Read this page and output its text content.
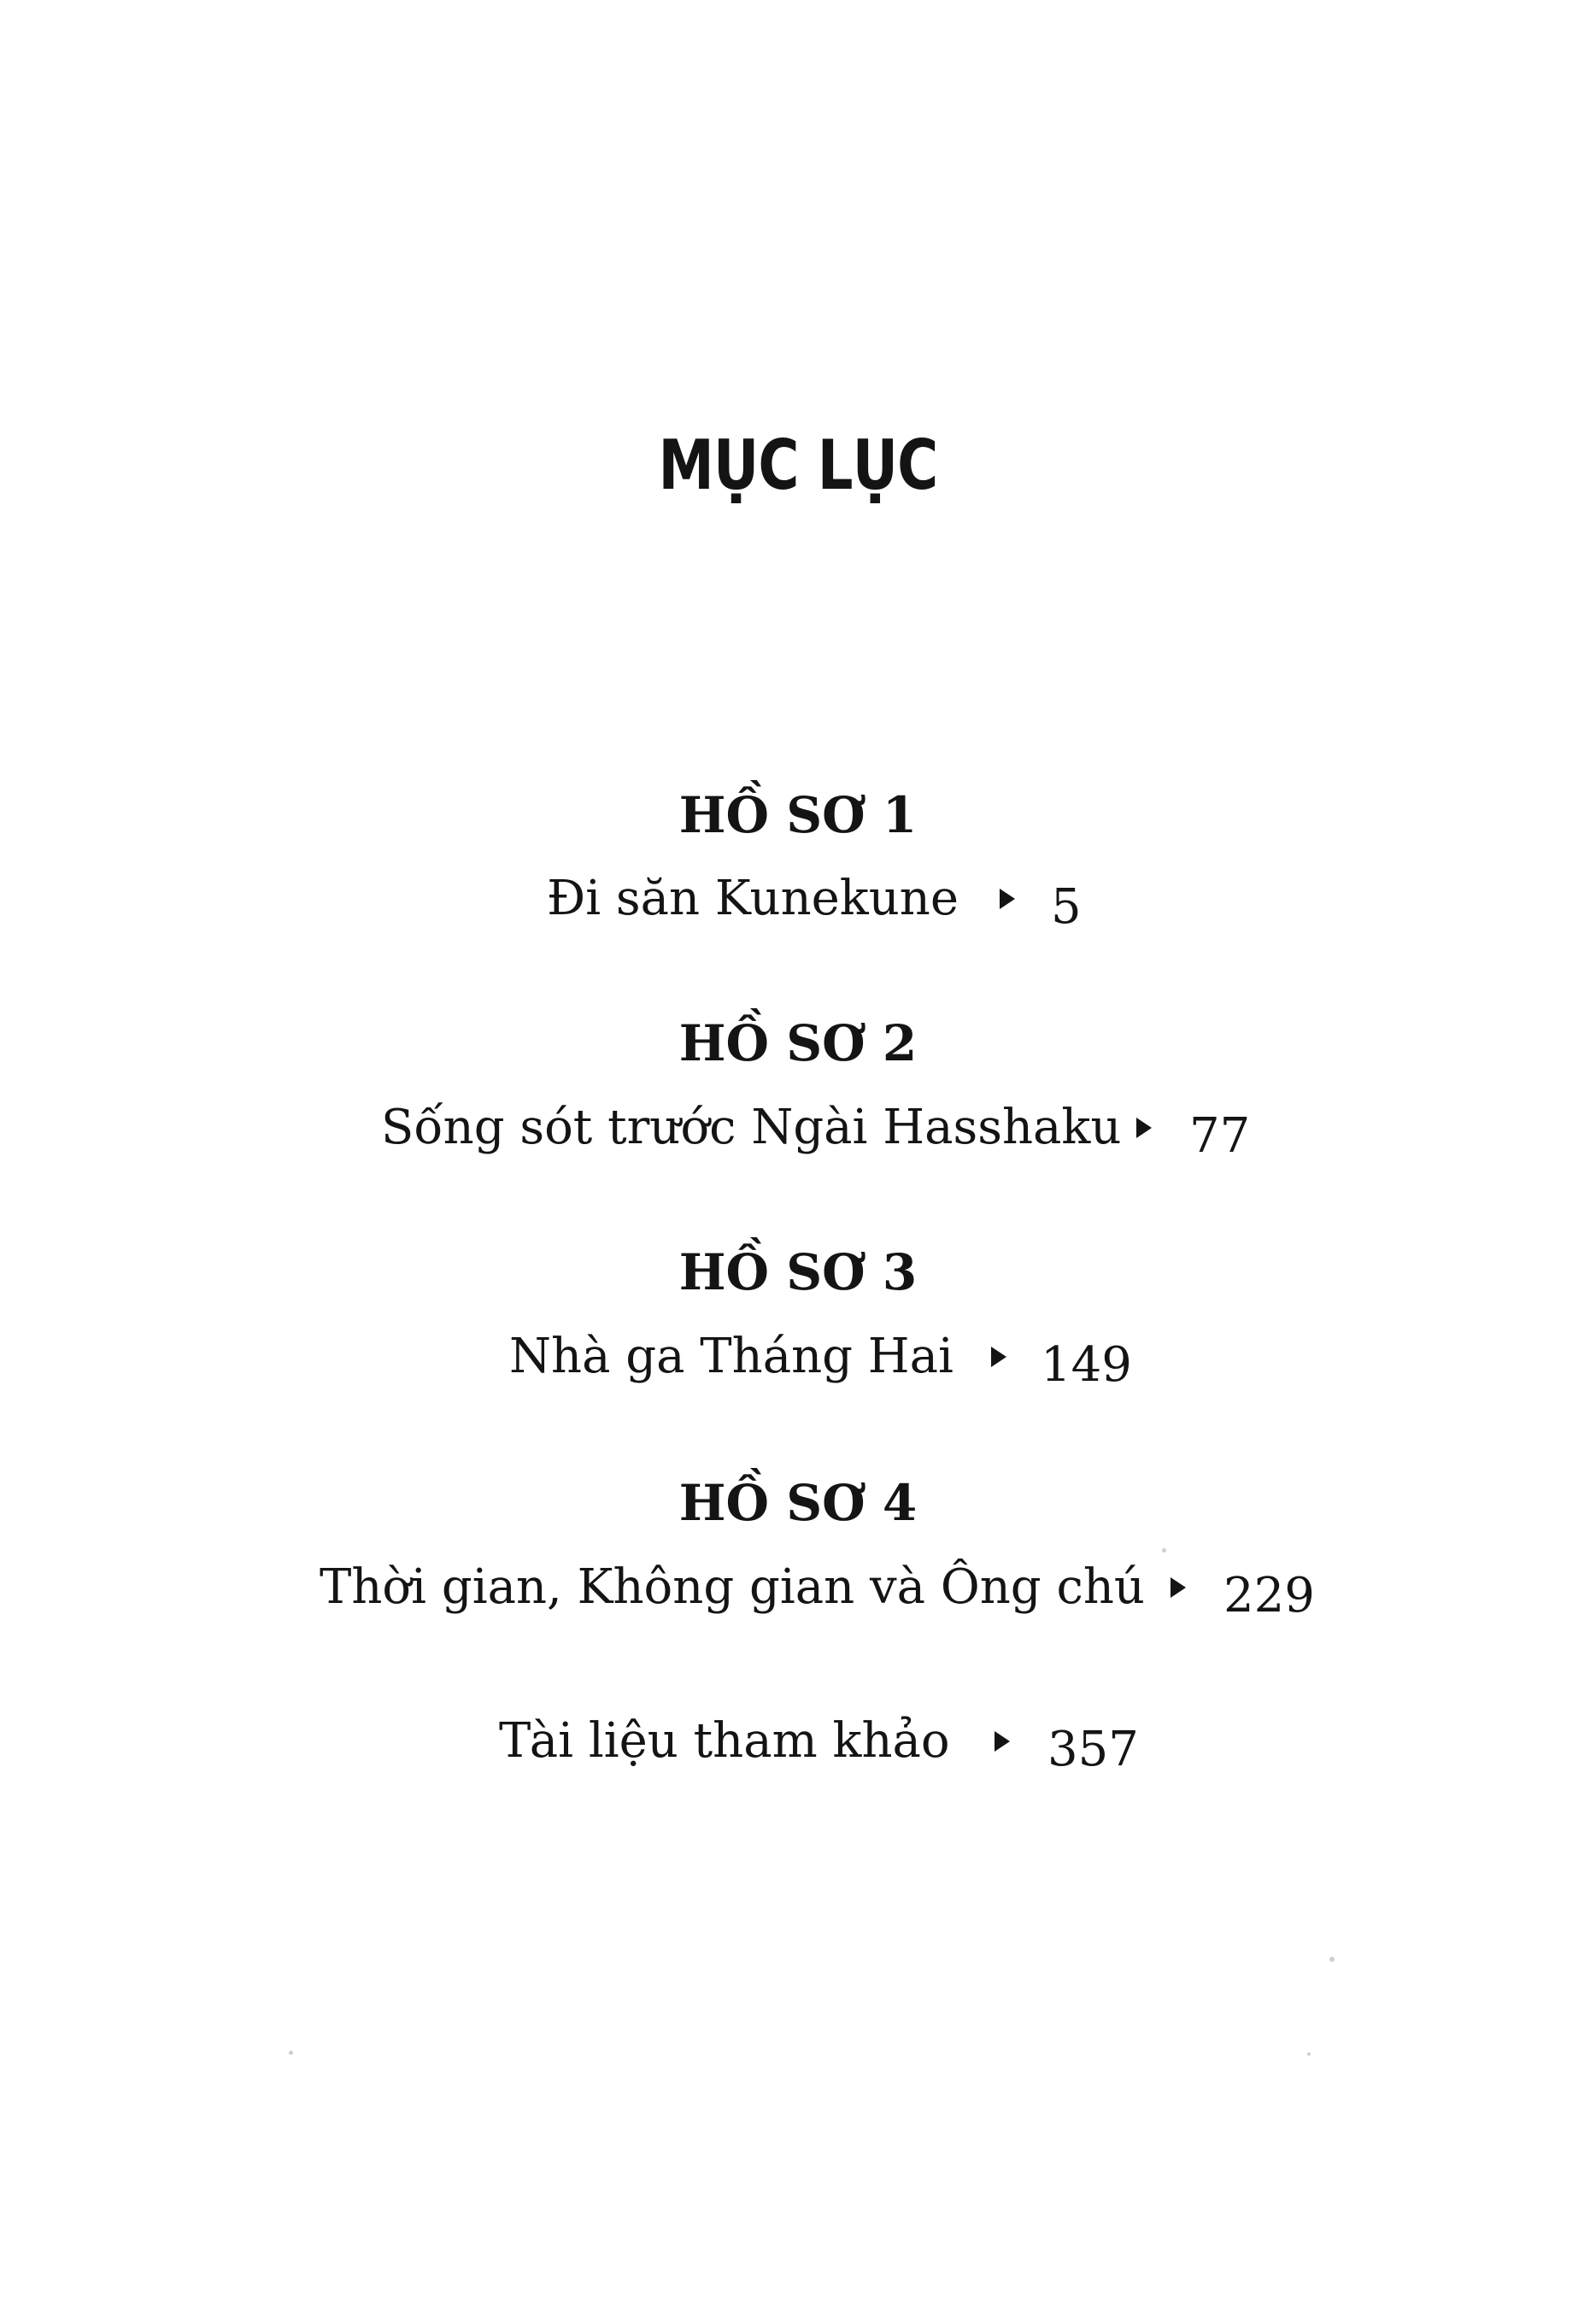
MỤC LỤC
HỒ SƠ 1
Đi săn Kunekune 5
HỒ SƠ 2
Sống sót trước Ngài Hasshaku 77
HỒ SƠ 3
Nhà ga Tháng Hai 149
HỒ SƠ 4
Thời gian, Không gian và Ông chú 229
Tài liệu tham khảo 357
